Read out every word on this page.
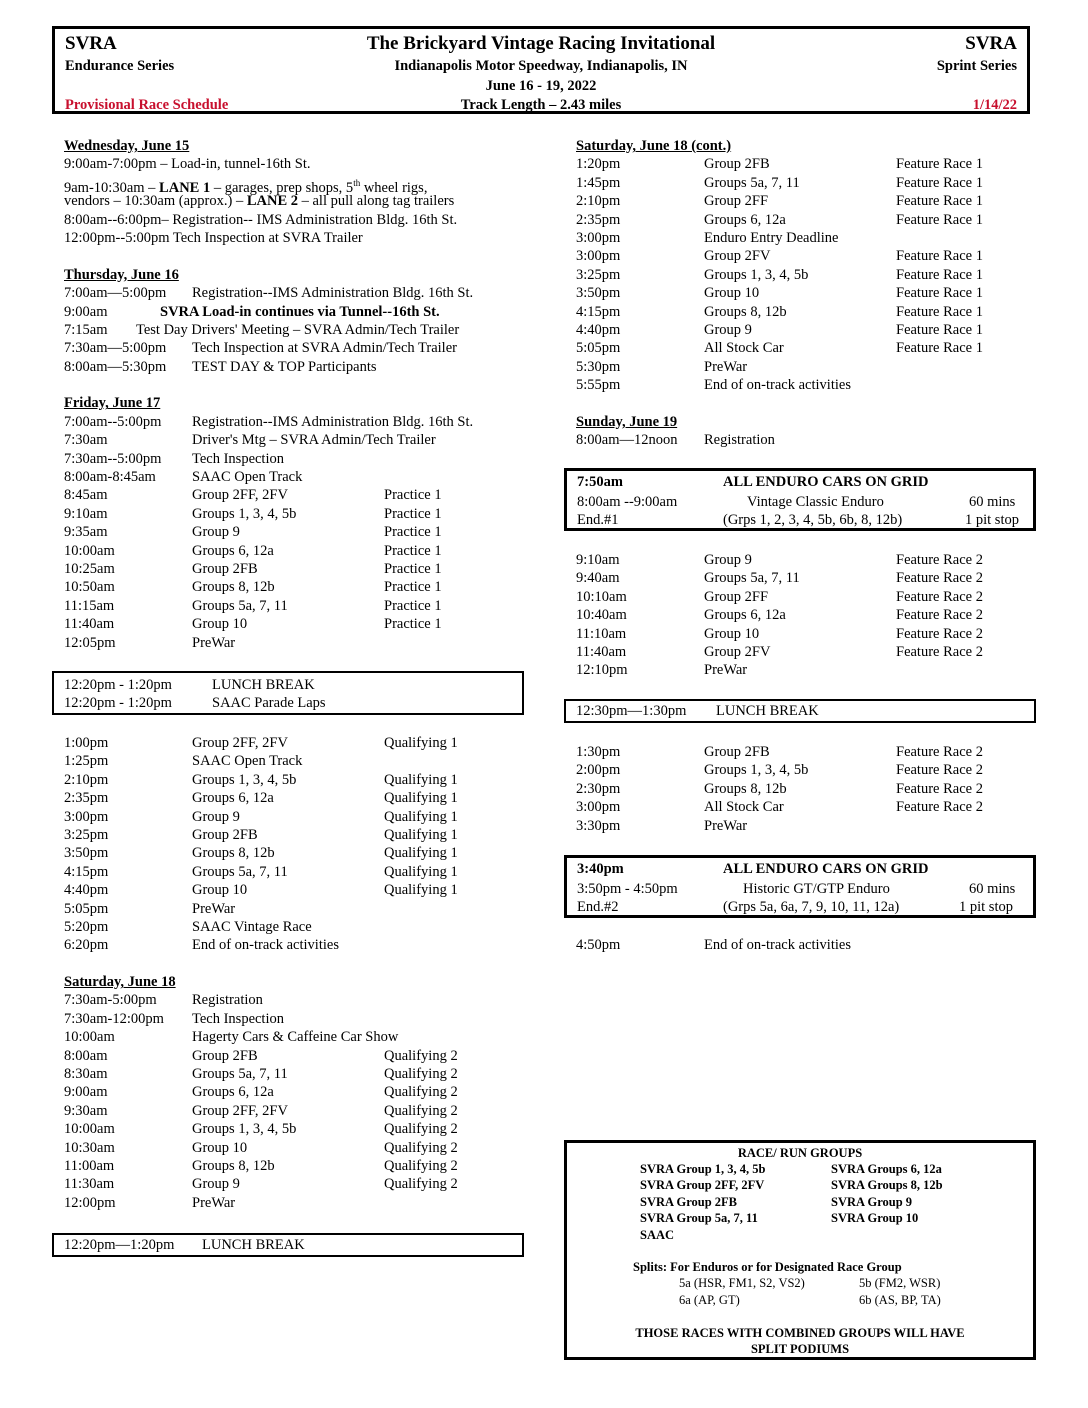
SVRA	The Brickyard Vintage Racing Invitational	SVRA
Endurance Series	Indianapolis Motor Speedway, Indianapolis, IN	Sprint Series
June 16 - 19, 2022
Provisional Race Schedule	Track Length – 2.43 miles	1/14/22
Wednesday, June 15
9:00am-7:00pm – Load-in, tunnel-16th St.
9am-10:30am – LANE 1 – garages, prep shops, 5th wheel rigs,
vendors – 10:30am (approx.) – LANE 2 – all pull along tag trailers
8:00am--6:00pm– Registration-- IMS Administration Bldg. 16th St.
12:00pm--5:00pm Tech Inspection at SVRA Trailer
Thursday, June 16
7:00am—5:00pm Registration--IMS Administration Bldg. 16th St.
9:00am	SVRA Load-in continues via Tunnel--16th St.
7:15am Test Day Drivers' Meeting – SVRA Admin/Tech Trailer
7:30am—5:00pm Tech Inspection at SVRA Admin/Tech Trailer
8:00am—5:30pm TEST DAY & TOP Participants
Friday, June 17
7:00am--5:00pm Registration--IMS Administration Bldg. 16th St.
7:30am	Driver's Mtg – SVRA Admin/Tech Trailer
7:30am--5:00pm Tech Inspection
8:00am-8:45am SAAC Open Track
8:45am	Group 2FF, 2FV	Practice 1
9:10am	Groups 1, 3, 4, 5b	Practice 1
9:35am	Group 9	Practice 1
10:00am	Groups 6, 12a	Practice 1
10:25am	Group 2FB	Practice 1
10:50am	Groups 8, 12b	Practice 1
11:15am	Groups 5a, 7, 11	Practice 1
11:40am	Group 10	Practice 1
12:05pm	PreWar
12:20pm - 1:20pm	LUNCH BREAK
12:20pm - 1:20pm	SAAC Parade Laps
1:00pm	Group 2FF, 2FV	Qualifying 1
1:25pm	SAAC Open Track
2:10pm	Groups 1, 3, 4, 5b	Qualifying 1
2:35pm	Groups 6, 12a	Qualifying 1
3:00pm	Group 9	Qualifying 1
3:25pm	Group 2FB	Qualifying 1
3:50pm	Groups 8, 12b	Qualifying 1
4:15pm	Groups 5a, 7, 11	Qualifying 1
4:40pm	Group 10	Qualifying 1
5:05pm	PreWar
5:20pm	SAAC Vintage Race
6:20pm	End of on-track activities
Saturday, June 18
7:30am-5:00pm Registration
7:30am-12:00pm Tech Inspection
10:00am	Hagerty Cars & Caffeine Car Show
8:00am	Group 2FB	Qualifying 2
8:30am	Groups 5a, 7, 11	Qualifying 2
9:00am	Groups 6, 12a	Qualifying 2
9:30am	Group 2FF, 2FV	Qualifying 2
10:00am	Groups 1, 3, 4, 5b	Qualifying 2
10:30am	Group 10	Qualifying 2
11:00am	Groups 8, 12b	Qualifying 2
11:30am	Group 9	Qualifying 2
12:00pm	PreWar
12:20pm—1:20pm LUNCH BREAK
Saturday, June 18 (cont.)
1:20pm	Group 2FB	Feature Race 1
1:45pm	Groups 5a, 7, 11	Feature Race 1
2:10pm	Group 2FF	Feature Race 1
2:35pm	Groups 6, 12a	Feature Race 1
3:00pm	Enduro Entry Deadline
3:00pm	Group 2FV	Feature Race 1
3:25pm	Groups 1, 3, 4, 5b	Feature Race 1
3:50pm	Group 10	Feature Race 1
4:15pm	Groups 8, 12b	Feature Race 1
4:40pm	Group 9	Feature Race 1
5:05pm	All Stock Car	Feature Race 1
5:30pm	PreWar
5:55pm	End of on-track activities
Sunday, June 19
8:00am—12noon Registration
7:50am	ALL ENDURO CARS ON GRID
8:00am --9:00am	Vintage Classic Enduro	60 mins
End.#1	(Grps 1, 2, 3, 4, 5b, 6b, 8, 12b)	1 pit stop
9:10am	Group 9	Feature Race 2
9:40am	Groups 5a, 7, 11	Feature Race 2
10:10am	Group 2FF	Feature Race 2
10:40am	Groups 6, 12a	Feature Race 2
11:10am	Group 10	Feature Race 2
11:40am	Group 2FV	Feature Race 2
12:10pm	PreWar
12:30pm—1:30pm LUNCH BREAK
1:30pm	Group 2FB	Feature Race 2
2:00pm	Groups 1, 3, 4, 5b	Feature Race 2
2:30pm	Groups 8, 12b	Feature Race 2
3:00pm	All Stock Car	Feature Race 2
3:30pm	PreWar
3:40pm	ALL ENDURO CARS ON GRID
3:50pm - 4:50pm	Historic GT/GTP Enduro	60 mins
End.#2	(Grps 5a, 6a, 7, 9, 10, 11, 12a)	1 pit stop
4:50pm	End of on-track activities
RACE/ RUN GROUPS
SVRA Group 1, 3, 4, 5b
SVRA Group 2FF, 2FV
SVRA Group 2FB
SVRA Group 5a, 7, 11
SAAC
SVRA Groups 6, 12a
SVRA Groups 8, 12b
SVRA Group 9
SVRA Group 10
Splits: For Enduros or for Designated Race Group
5a (HSR, FM1, S2, VS2)	5b (FM2, WSR)
6a (AP, GT)	6b (AS, BP, TA)
THOSE RACES WITH COMBINED GROUPS WILL HAVE
SPLIT PODIUMS
